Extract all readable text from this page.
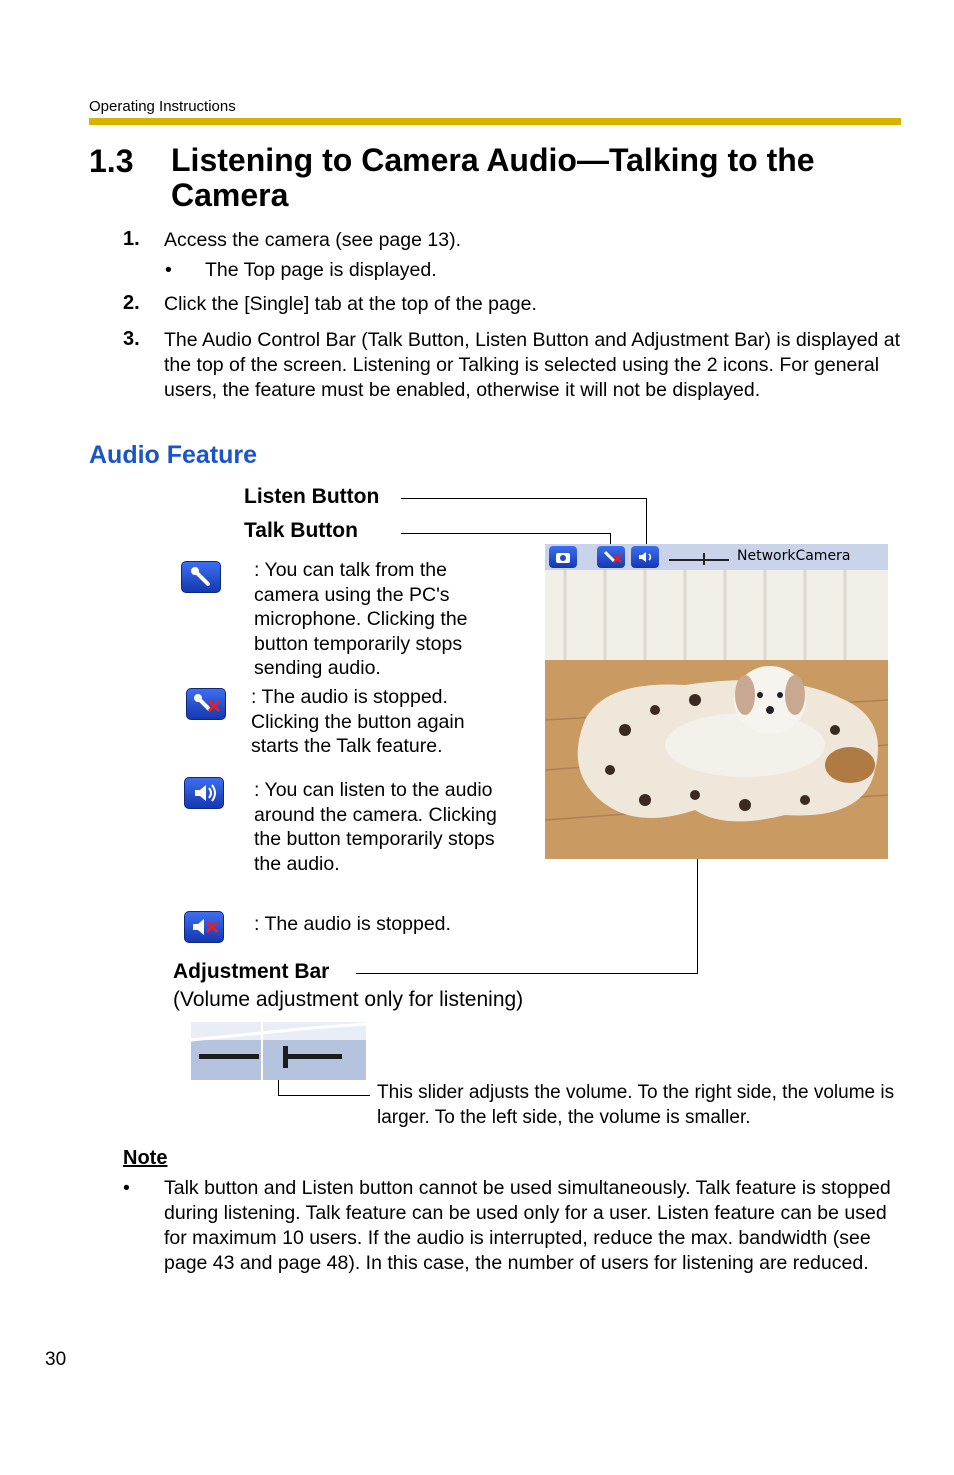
Operating Instructions
1.3 Listening to Camera Audio—Talking to the Camera
1. Access the camera (see page 13).
• The Top page is displayed.
2. Click the [Single] tab at the top of the page.
3. The Audio Control Bar (Talk Button, Listen Button and Adjustment Bar) is displayed at the top of the screen. Listening or Talking is selected using the 2 icons. For general users, the feature must be enabled, otherwise it will not be displayed.
Audio Feature
Listen Button
Talk Button
: You can talk from the camera using the PC's microphone. Clicking the button temporarily stops sending audio.
: The audio is stopped. Clicking the button again starts the Talk feature.
: You can listen to the audio around the camera. Clicking the button temporarily stops the audio.
: The audio is stopped.
NetworkCamera
Adjustment Bar
(Volume adjustment only for listening)
This slider adjusts the volume. To the right side, the volume is larger. To the left side, the volume is smaller.
Note
• Talk button and Listen button cannot be used simultaneously. Talk feature is stopped during listening. Talk feature can be used only for a user. Listen feature can be used for maximum 10 users. If the audio is interrupted, reduce the max. bandwidth (see page 43 and page 48). In this case, the number of users for listening are reduced.
30
